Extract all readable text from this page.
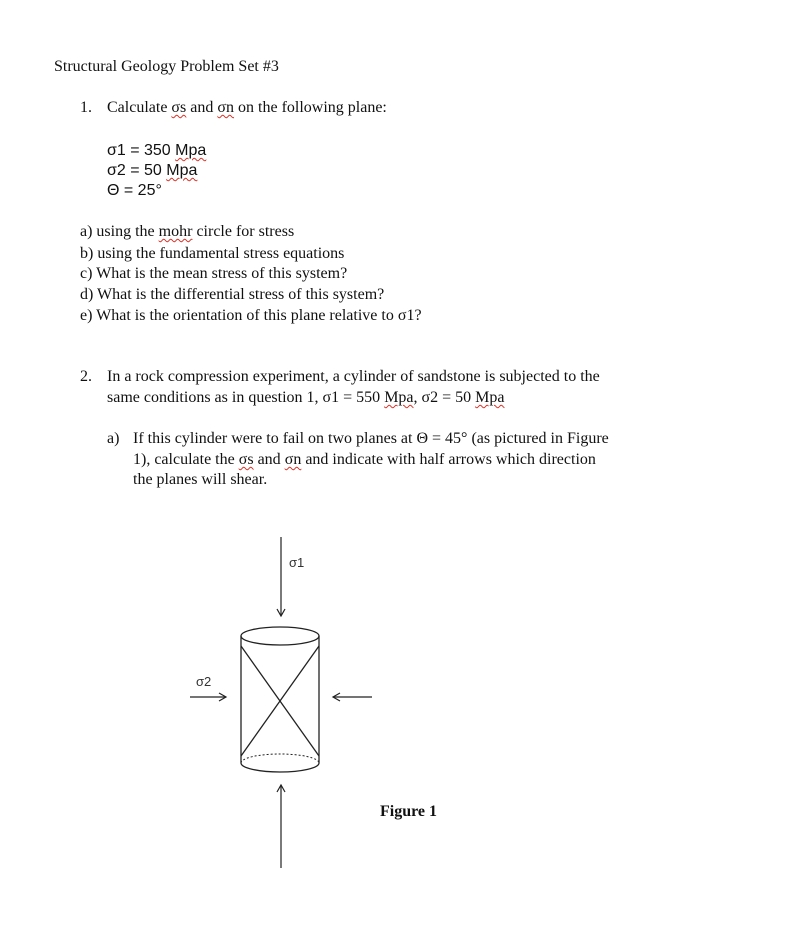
Structural Geology Problem Set #3
1. Calculate σs and σn on the following plane:
σ1 = 350 Mpa
σ2 = 50 Mpa
Θ = 25°
a) using the mohr circle for stress
b) using the fundamental stress equations
c) What is the mean stress of this system?
d) What is the differential stress of this system?
e) What is the orientation of this plane relative to σ1?
2. In a rock compression experiment, a cylinder of sandstone is subjected to the
same conditions as in question 1, σ1 = 550 Mpa, σ2 = 50 Mpa
a) If this cylinder were to fail on two planes at Θ = 45° (as pictured in Figure
1), calculate the σs and σn and indicate with half arrows which direction
the planes will shear.
σ1
σ2
Figure 1
